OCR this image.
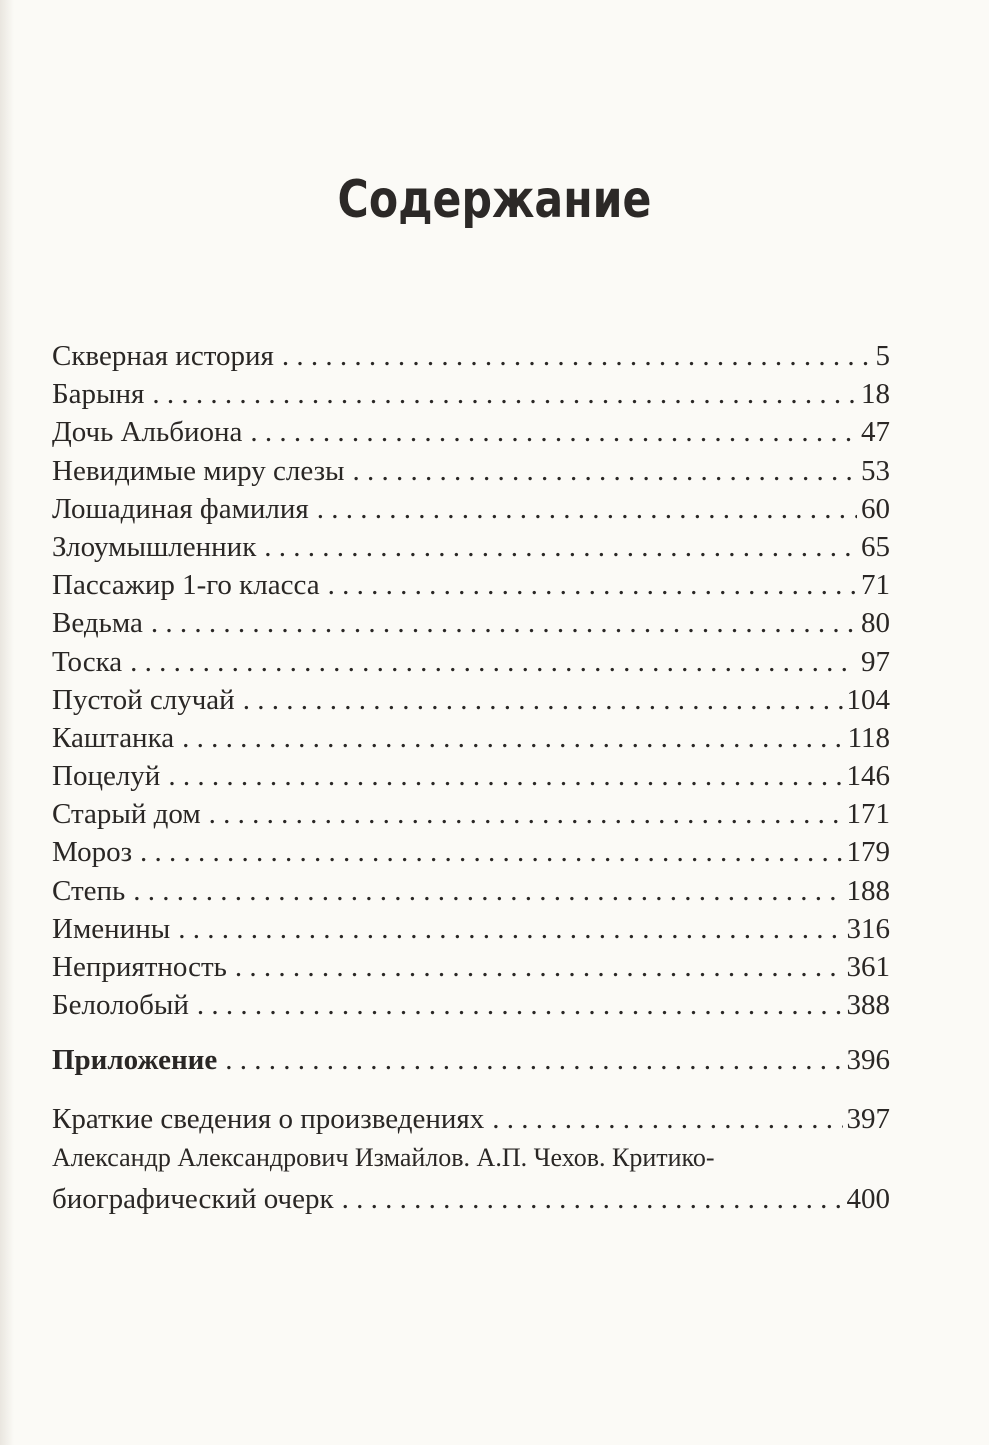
Содержание
Скверная история . . .	5
Барыня . . .	18
Дочь Альбиона . . .	47
Невидимые миру слезы . . .	53
Лошадиная фамилия . . .	60
Злоумышленник . . .	65
Пассажир 1-го класса . . .	71
Ведьма . . .	80
Тоска . . .	97
Пустой случай . . .	104
Каштанка . . .	118
Поцелуй . . .	146
Старый дом . . .	171
Мороз . . .	179
Степь . . .	188
Именины . . .	316
Неприятность . . .	361
Белолобый . . .	388
Приложение . . .	396
Краткие сведения о произведениях . . .	397
Александр Александрович Измайлов. А.П. Чехов. Критико-
биографический очерк . . .	400
